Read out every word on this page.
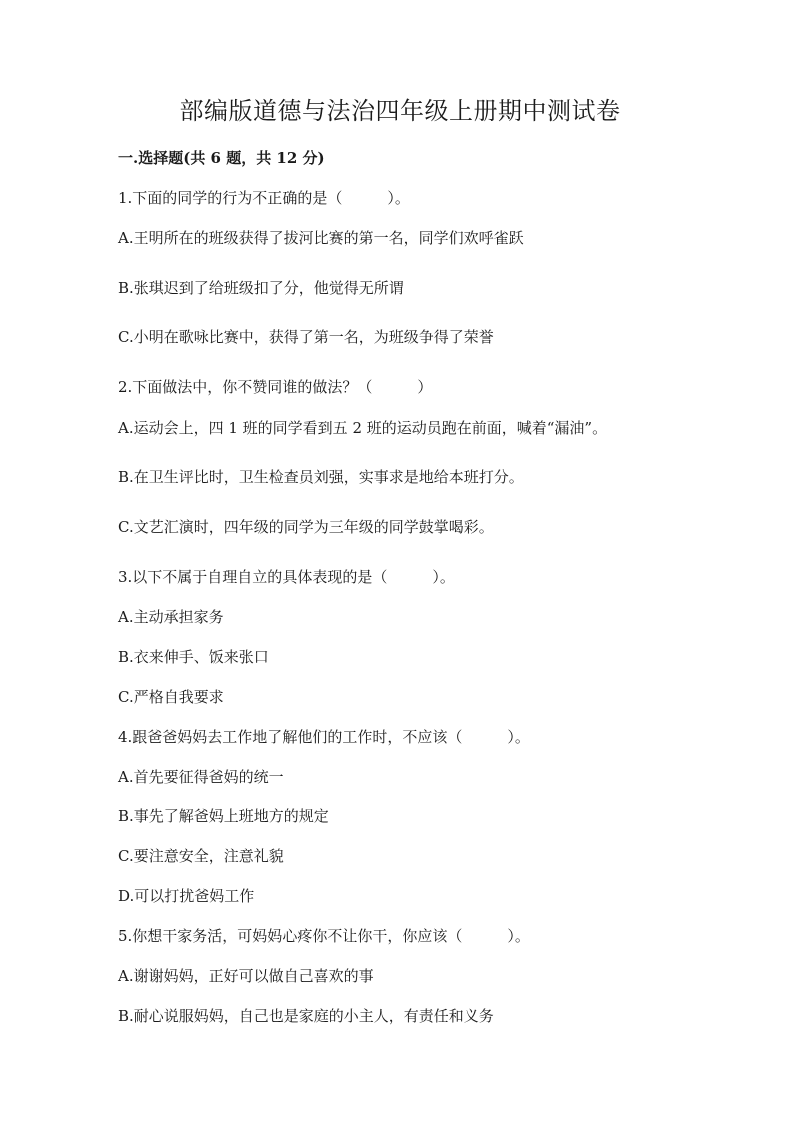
部编版道德与法治四年级上册期中测试卷
一.选择题(共 6 题，共 12 分)
1.下面的同学的行为不正确的是（　　　）。
A.王明所在的班级获得了拔河比赛的第一名，同学们欢呼雀跃
B.张琪迟到了给班级扣了分，他觉得无所谓
C.小明在歌咏比赛中，获得了第一名，为班级争得了荣誉
2.下面做法中，你不赞同谁的做法？（　　　）
A.运动会上，四 1 班的同学看到五 2 班的运动员跑在前面，喊着“漏油”。
B.在卫生评比时，卫生检查员刘强，实事求是地给本班打分。
C.文艺汇演时，四年级的同学为三年级的同学鼓掌喝彩。
3.以下不属于自理自立的具体表现的是（　　　）。
A.主动承担家务
B.衣来伸手、饭来张口
C.严格自我要求
4.跟爸爸妈妈去工作地了解他们的工作时，不应该（　　　）。
A.首先要征得爸妈的统一
B.事先了解爸妈上班地方的规定
C.要注意安全，注意礼貌
D.可以打扰爸妈工作
5.你想干家务活，可妈妈心疼你不让你干，你应该（　　　）。
A.谢谢妈妈，正好可以做自己喜欢的事
B.耐心说服妈妈，自己也是家庭的小主人，有责任和义务
